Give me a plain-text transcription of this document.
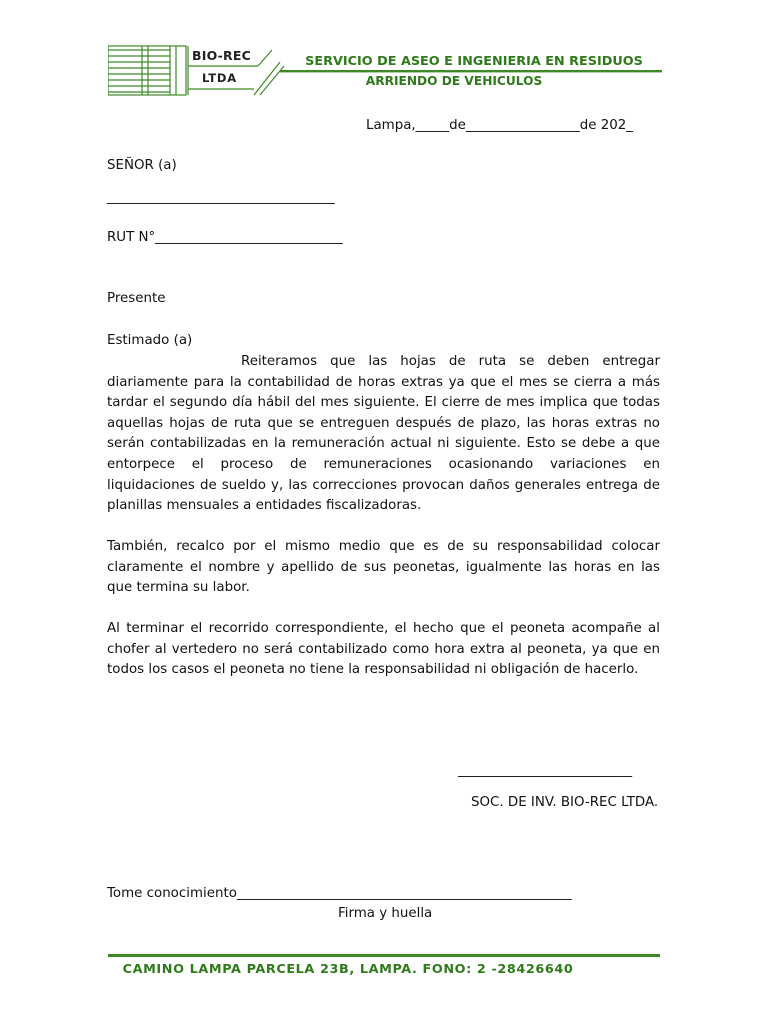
BIO-REC
LTDA
SERVICIO DE ASEO E INGENIERIA EN RESIDUOS
ARRIENDO DE VEHICULOS
Lampa,_____de_________________de 202_
SEÑOR (a)
__________________________________
RUT N°____________________________
Presente
Estimado (a)
Reiteramos que las hojas de ruta se deben entregar diariamente para la contabilidad de horas extras ya que el mes se cierra a más tardar el segundo día hábil del mes siguiente. El cierre de mes implica que todas aquellas hojas de ruta que se entreguen después de plazo, las horas extras no serán contabilizadas en la remuneración actual ni siguiente. Esto se debe a que entorpece el proceso de remuneraciones ocasionando variaciones en liquidaciones de sueldo y, las correcciones provocan daños generales entrega de planillas mensuales a entidades fiscalizadoras.
También, recalco por el mismo medio que es de su responsabilidad colocar claramente el nombre y apellido de sus peonetas, igualmente las horas en las que termina su labor.
Al terminar el recorrido correspondiente, el hecho que el peoneta acompañe al chofer al vertedero no será contabilizado como hora extra al peoneta, ya que en todos los casos el peoneta no tiene la responsabilidad ni obligación de hacerlo.
__________________________
SOC. DE INV. BIO-REC LTDA.
Tome conocimiento__________________________________________________
Firma y huella
CAMINO LAMPA PARCELA 23B, LAMPA. FONO: 2 -28426640
